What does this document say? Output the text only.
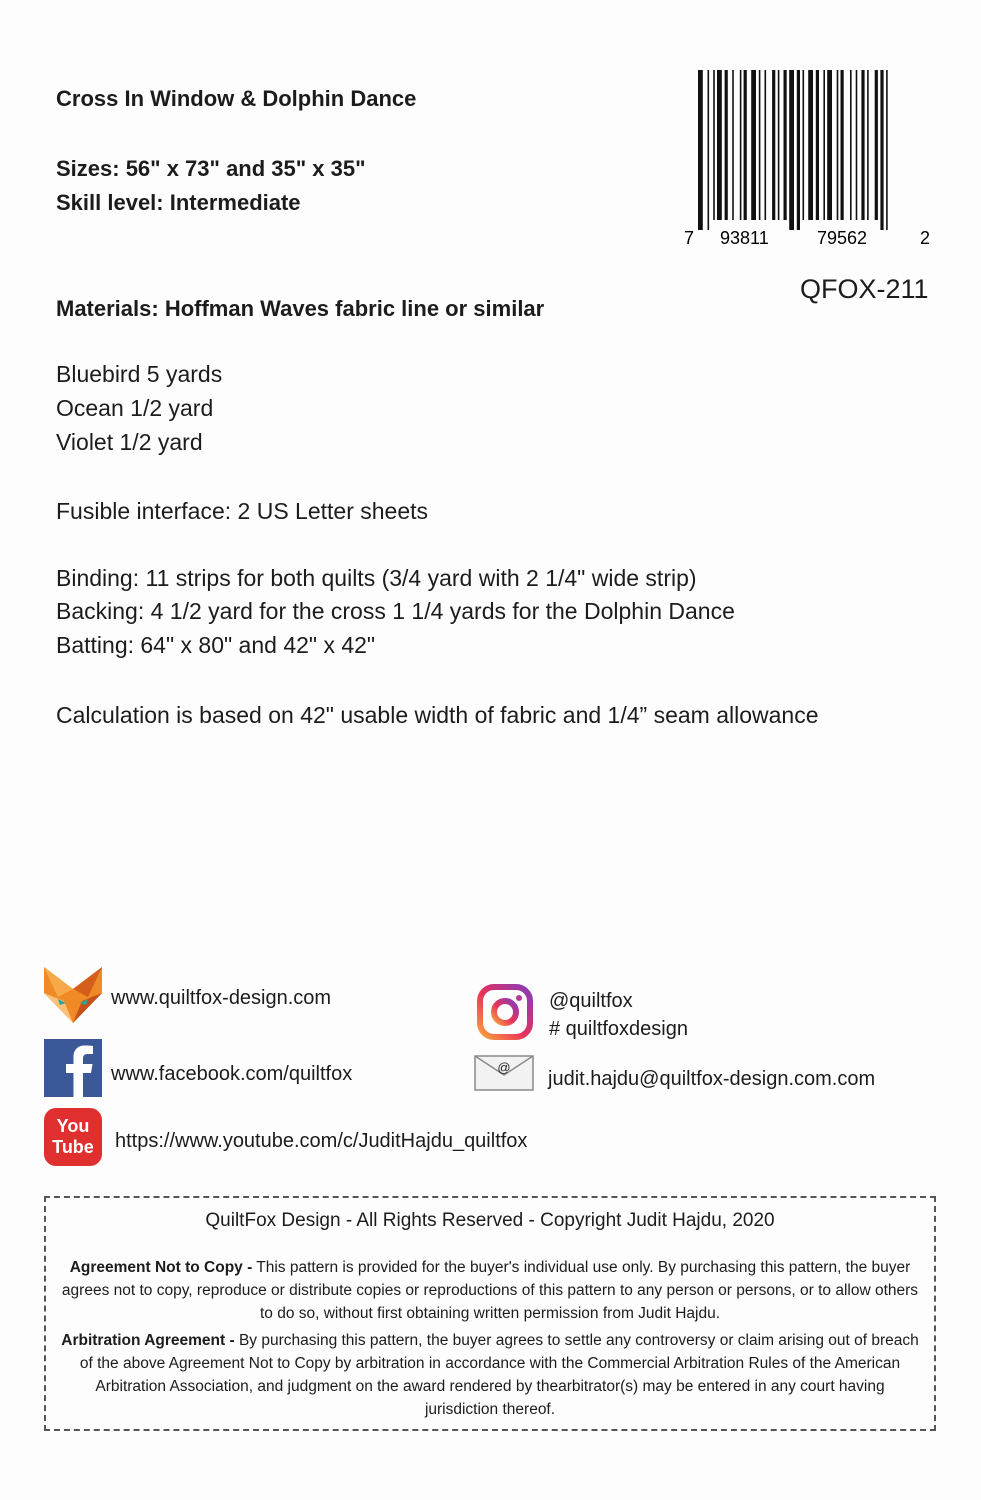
Cross In Window & Dolphin Dance
Sizes: 56" x 73" and 35" x 35"
Skill level: Intermediate
7 93811	79562	2
QFOX-211
Materials: Hoffman Waves fabric line or similar
Bluebird 5 yards
Ocean 1/2 yard
Violet 1/2 yard
Fusible interface: 2 US Letter sheets
Binding: 11 strips for both quilts (3/4 yard with 2 1/4" wide strip)
Backing: 4 1/2 yard for the cross 1 1/4 yards for the Dolphin Dance
Batting: 64" x 80" and 42" x 42"
Calculation is based on 42" usable width of fabric and 1/4” seam allowance
www.quiltfox-design.com
www.facebook.com/quiltfox
You
Tube	https://www.youtube.com/c/JuditHajdu_quiltfox
@quiltfox
# quiltfoxdesign
@
judit.hajdu@quiltfox-design.com.com
QuiltFox Design - All Rights Reserved - Copyright Judit Hajdu, 2020
Agreement Not to Copy - This pattern is provided for the buyer's individual use only. By purchasing this pattern, the buyer agrees not to copy, reproduce or distribute copies or reproductions of this pattern to any person or persons, or to allow others to do so, without first obtaining written permission from Judit Hajdu.
Arbitration Agreement - By purchasing this pattern, the buyer agrees to settle any controversy or claim arising out of breach of the above Agreement Not to Copy by arbitration in accordance with the Commercial Arbitration Rules of the American Arbitration Association, and judgment on the award rendered by thearbitrator(s) may be entered in any court having jurisdiction thereof.
